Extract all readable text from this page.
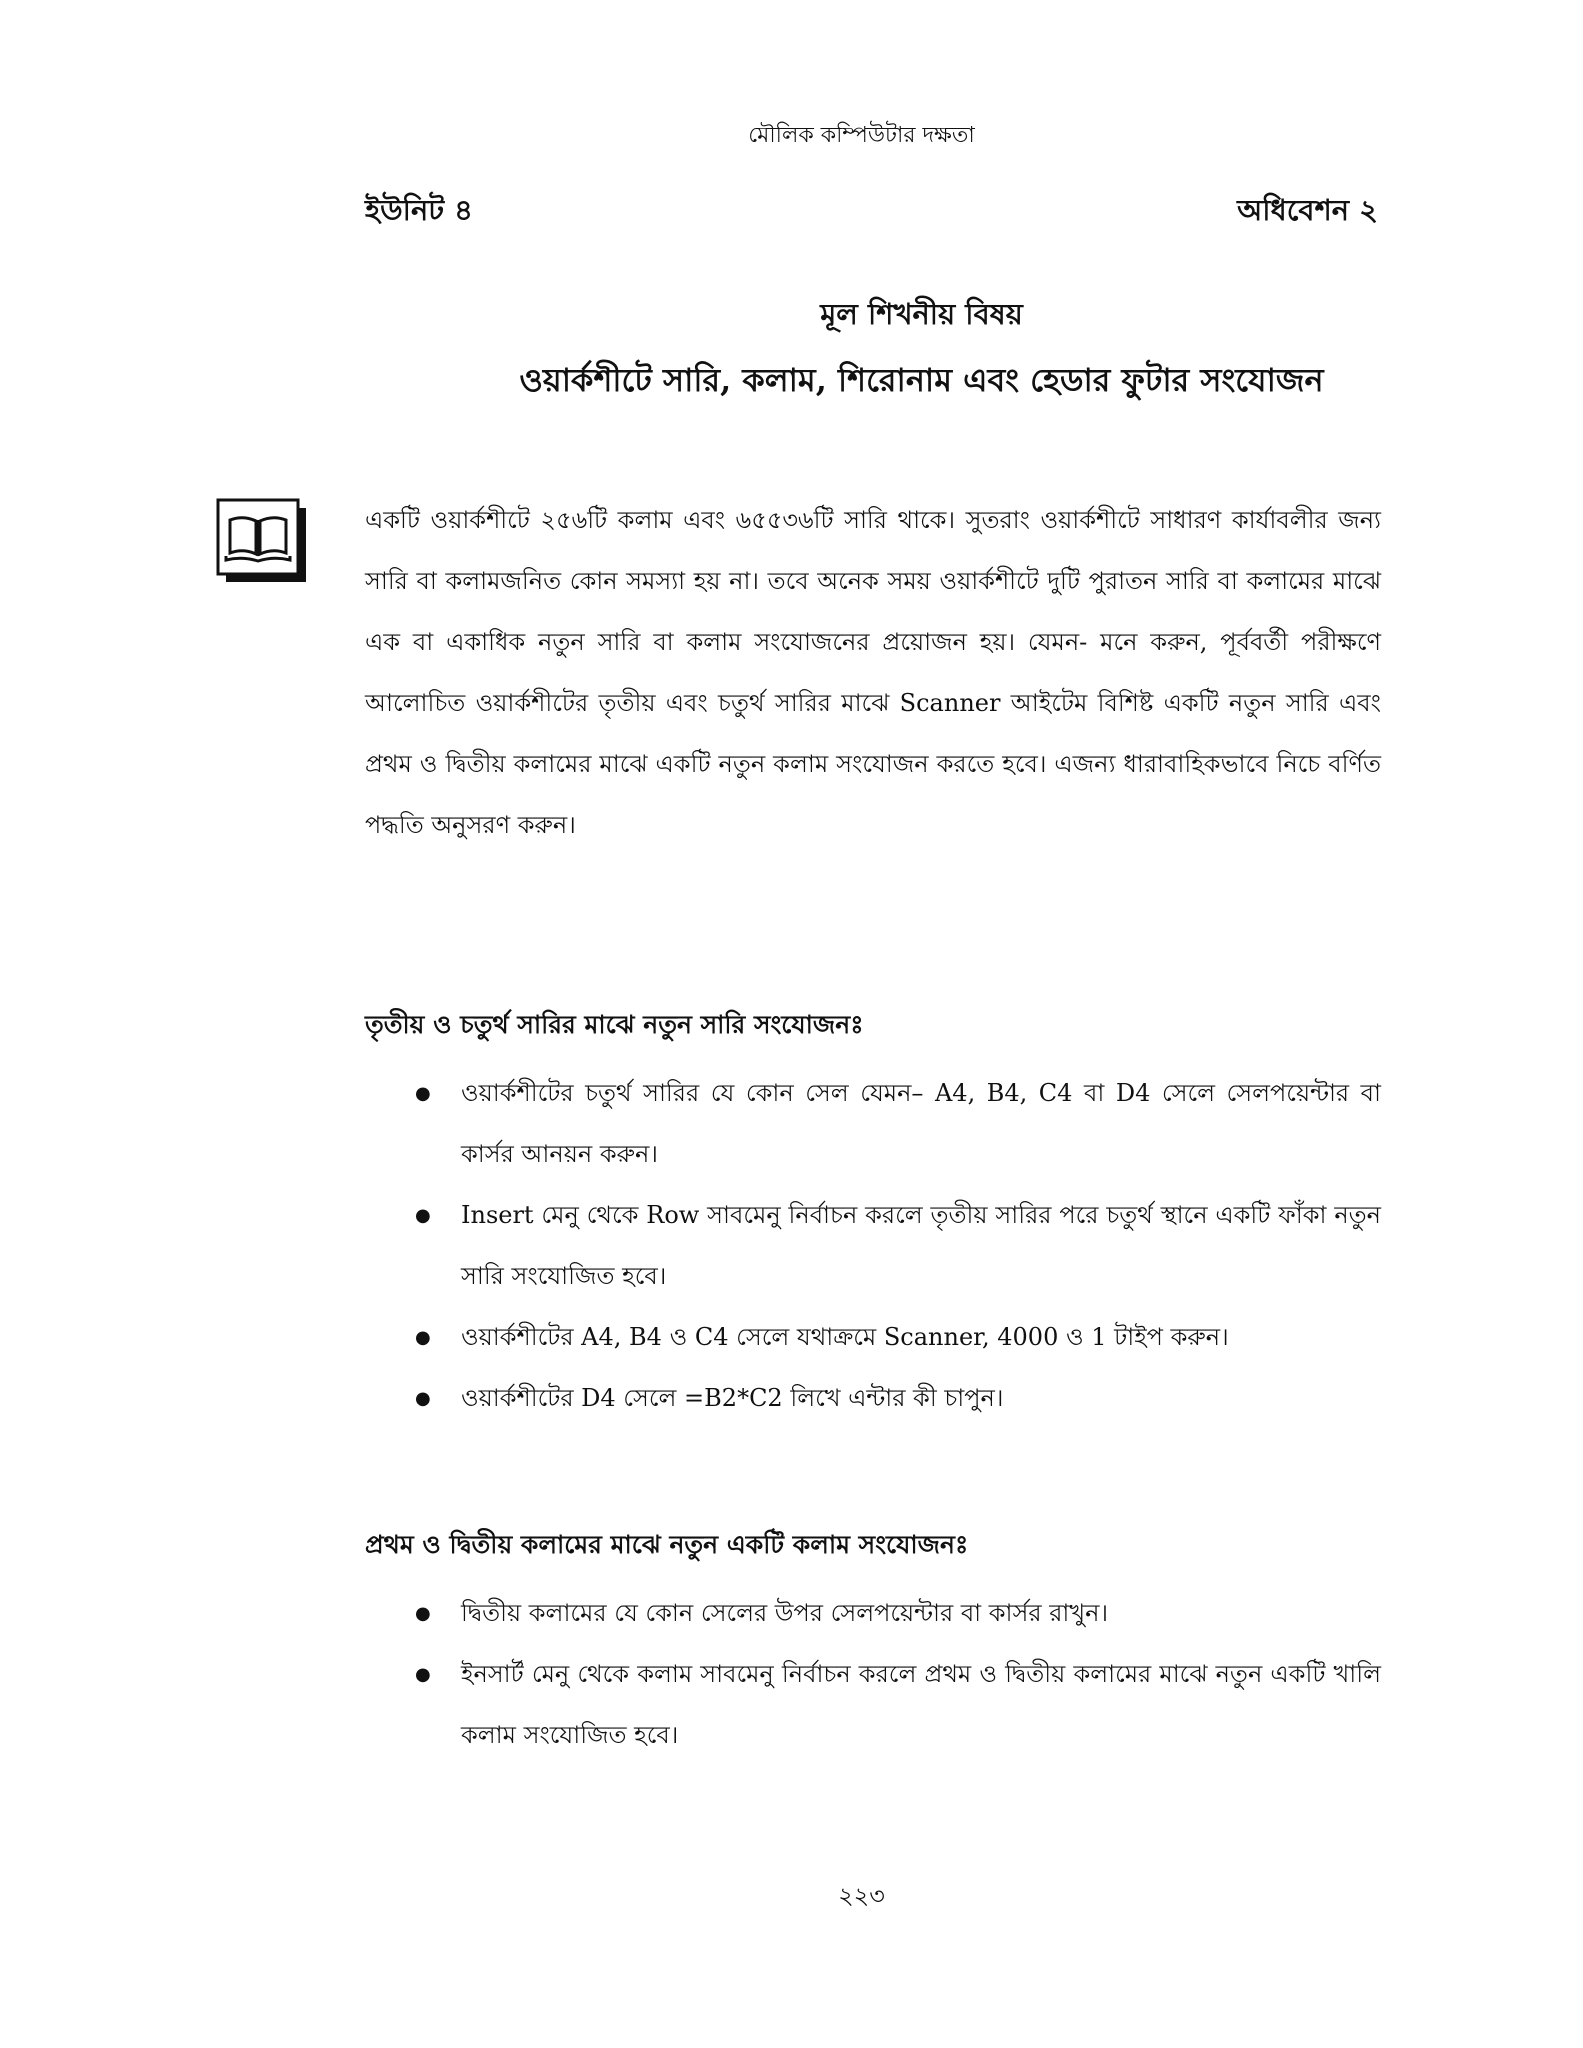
মৌলিক কম্পিউটার দক্ষতা
ইউনিট ৪	অধিবেশন ২

মূল শিখনীয় বিষয়

ওয়ার্কশীটে সারি, কলাম, শিরোনাম এবং হেডার ফুটার সংযোজন

একটি ওয়ার্কশীটে ২৫৬টি কলাম এবং ৬৫৫৩৬টি সারি থাকে। সুতরাং ওয়ার্কশীটে সাধারণ কার্যাবলীর জন্য সারি বা কলামজনিত কোন সমস্যা হয় না। তবে অনেক সময় ওয়ার্কশীটে দুটি পুরাতন সারি বা কলামের মাঝে এক বা একাধিক নতুন সারি বা কলাম সংযোজনের প্রয়োজন হয়। যেমন- মনে করুন, পূর্ববর্তী পরীক্ষণে আলোচিত ওয়ার্কশীটের তৃতীয় এবং চতুর্থ সারির মাঝে Scanner আইটেম বিশিষ্ট একটি নতুন সারি এবং প্রথম ও দ্বিতীয় কলামের মাঝে একটি নতুন কলাম সংযোজন করতে হবে। এজন্য ধারাবাহিকভাবে নিচে বর্ণিত পদ্ধতি অনুসরণ করুন।

তৃতীয় ও চতুর্থ সারির মাঝে নতুন সারি সংযোজনঃ

● ওয়ার্কশীটের চতুর্থ সারির যে কোন সেল যেমন– A4, B4, C4 বা D4 সেলে সেলপয়েন্টার বা কার্সর আনয়ন করুন।
● Insert মেনু থেকে Row সাবমেনু নির্বাচন করলে তৃতীয় সারির পরে চতুর্থ স্থানে একটি ফাঁকা নতুন সারি সংযোজিত হবে।
● ওয়ার্কশীটের A4, B4 ও C4 সেলে যথাক্রমে Scanner, 4000 ও 1 টাইপ করুন।
● ওয়ার্কশীটের D4 সেলে =B2*C2 লিখে এন্টার কী চাপুন।

প্রথম ও দ্বিতীয় কলামের মাঝে নতুন একটি কলাম সংযোজনঃ

● দ্বিতীয় কলামের যে কোন সেলের উপর সেলপয়েন্টার বা কার্সর রাখুন।
● ইনসার্ট মেনু থেকে কলাম সাবমেনু নির্বাচন করলে প্রথম ও দ্বিতীয় কলামের মাঝে নতুন একটি খালি কলাম সংযোজিত হবে।
২২৩
